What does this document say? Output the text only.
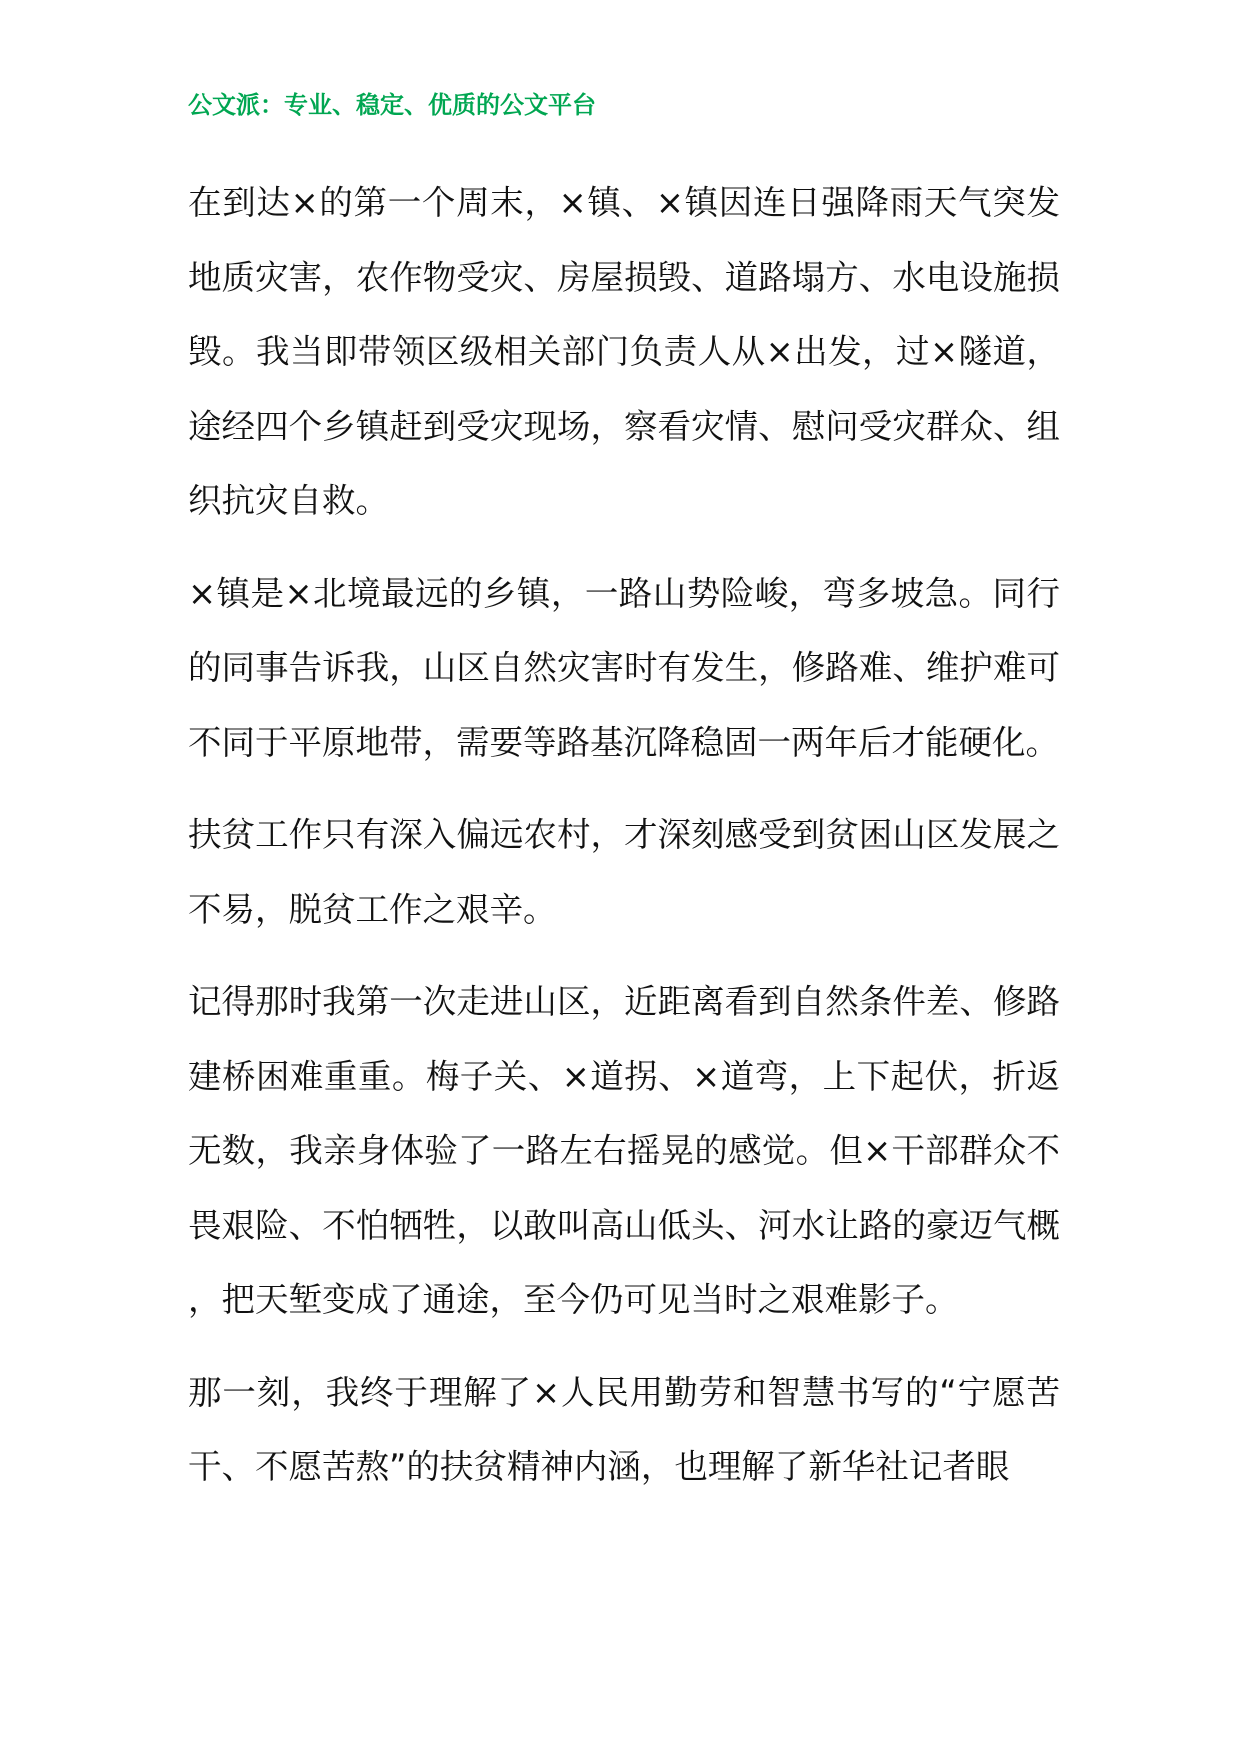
公文派：专业、稳定、优质的公文平台

在到达×的第一个周末，×镇、×镇因连日强降雨天气突发地质灾害，农作物受灾、房屋损毁、道路塌方、水电设施损毁。我当即带领区级相关部门负责人从×出发，过×隧道，途经四个乡镇赶到受灾现场，察看灾情、慰问受灾群众、组织抗灾自救。

×镇是×北境最远的乡镇，一路山势险峻，弯多坡急。同行的同事告诉我，山区自然灾害时有发生，修路难、维护难可不同于平原地带，需要等路基沉降稳固一两年后才能硬化。

扶贫工作只有深入偏远农村，才深刻感受到贫困山区发展之不易，脱贫工作之艰辛。

记得那时我第一次走进山区，近距离看到自然条件差、修路建桥困难重重。梅子关、×道拐、×道弯，上下起伏，折返无数，我亲身体验了一路左右摇晃的感觉。但×干部群众不畏艰险、不怕牺牲，以敢叫高山低头、河水让路的豪迈气概，把天堑变成了通途，至今仍可见当时之艰难影子。

那一刻，我终于理解了×人民用勤劳和智慧书写的“宁愿苦干、不愿苦熬”的扶贫精神内涵，也理解了新华社记者眼
